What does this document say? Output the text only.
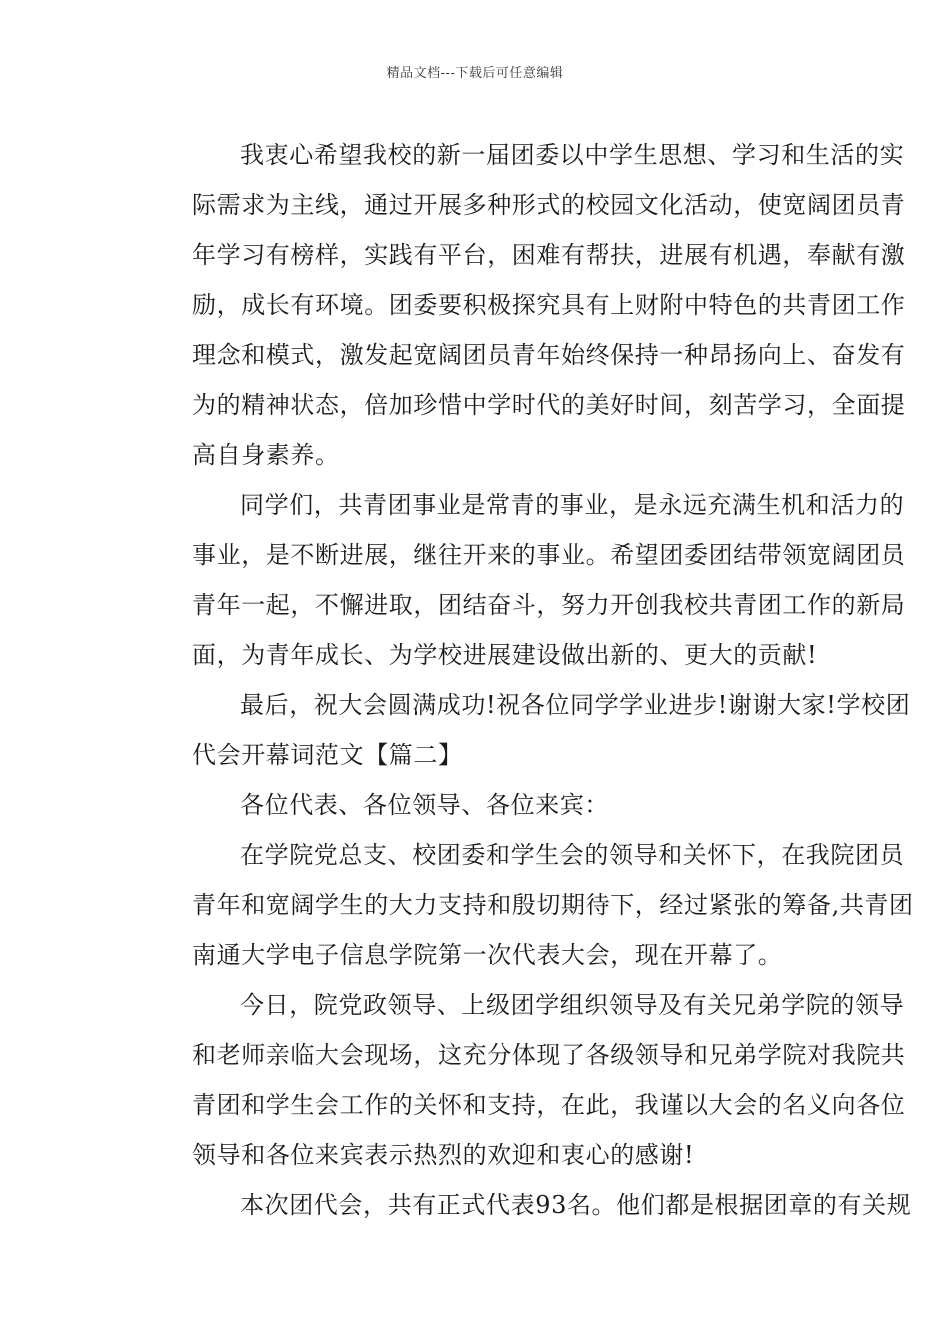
精品文档---下载后可任意编辑
我衷心希望我校的新一届团委以中学生思想、学习和生活的实
际需求为主线，通过开展多种形式的校园文化活动，使宽阔团员青
年学习有榜样，实践有平台，困难有帮扶，进展有机遇，奉献有激
励，成长有环境。团委要积极探究具有上财附中特色的共青团工作
理念和模式，激发起宽阔团员青年始终保持一种昂扬向上、奋发有
为的精神状态，倍加珍惜中学时代的美好时间，刻苦学习，全面提
高自身素养。
同学们，共青团事业是常青的事业，是永远充满生机和活力的
事业，是不断进展，继往开来的事业。希望团委团结带领宽阔团员
青年一起，不懈进取，团结奋斗，努力开创我校共青团工作的新局
面，为青年成长、为学校进展建设做出新的、更大的贡献!
最后，祝大会圆满成功!祝各位同学学业进步!谢谢大家!学校团
代会开幕词范文【篇二】
各位代表、各位领导、各位来宾：
在学院党总支、校团委和学生会的领导和关怀下，在我院团员
青年和宽阔学生的大力支持和殷切期待下，经过紧张的筹备,共青团
南通大学电子信息学院第一次代表大会，现在开幕了。
今日，院党政领导、上级团学组织领导及有关兄弟学院的领导
和老师亲临大会现场，这充分体现了各级领导和兄弟学院对我院共
青团和学生会工作的关怀和支持，在此，我谨以大会的名义向各位
领导和各位来宾表示热烈的欢迎和衷心的感谢!
本次团代会，共有正式代表93名。他们都是根据团章的有关规
